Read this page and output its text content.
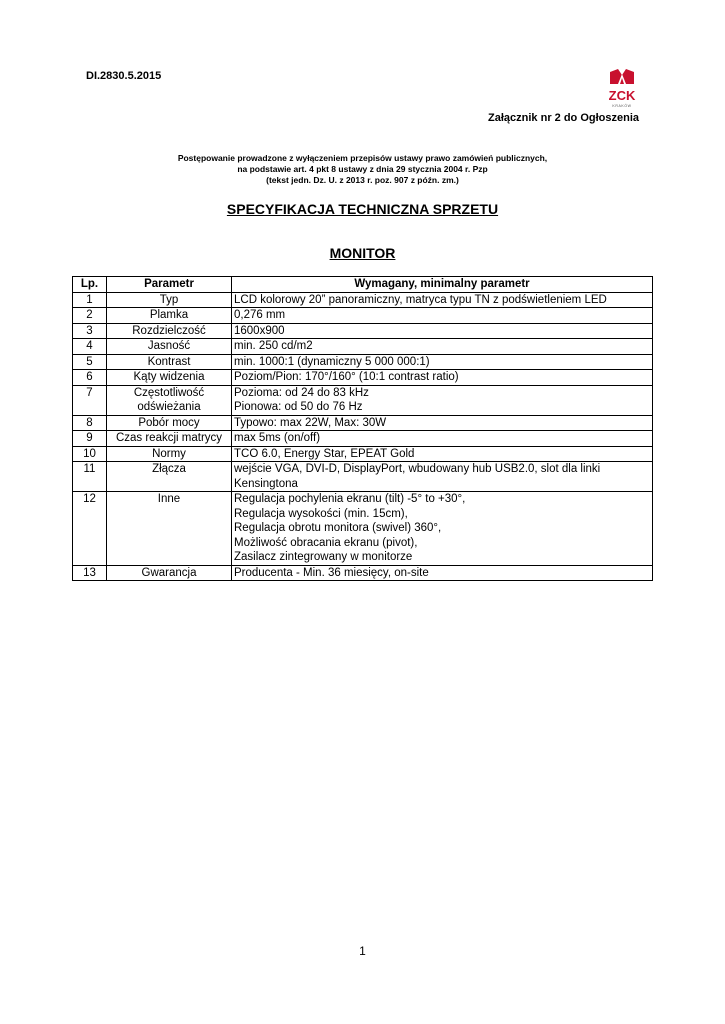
DI.2830.5.2015
ZCK
KRAKÓW
Załącznik nr 2 do Ogłoszenia
Postępowanie prowadzone z wyłączeniem przepisów ustawy prawo zamówień publicznych,
na podstawie art. 4 pkt 8 ustawy z dnia 29 stycznia 2004 r. Pzp
(tekst jedn. Dz. U. z 2013 r. poz. 907 z późn. zm.)
SPECYFIKACJA TECHNICZNA SPRZETU
MONITOR
Lp.	Parametr	Wymagany, minimalny parametr
1	Typ	LCD kolorowy 20” panoramiczny, matryca typu TN z podświetleniem LED

2	Plamka	0,276 mm

3	Rozdzielczość	1600x900

4	Jasność	min. 250 cd/m2

5	Kontrast	min. 1000:1 (dynamiczny 5 000 000:1)

6	Kąty widzenia	Poziom/Pion: 170°/160° (10:1 contrast ratio)

7	Częstotliwość odświeżania	Pozioma: od 24 do 83 kHz
Pionowa: od 50 do 76 Hz

8	Pobór mocy	Typowo: max 22W, Max: 30W

9	Czas reakcji matrycy	max 5ms (on/off)

10	Normy	TCO 6.0, Energy Star, EPEAT Gold

11	Złącza	wejście VGA, DVI-D, DisplayPort, wbudowany hub USB2.0, slot dla linki
Kensingtona

12	Inne	Regulacja pochylenia ekranu (tilt) -5° to +30°,
Regulacja wysokości (min. 15cm),
Regulacja obrotu monitora (swivel) 360°,
Możliwość obracania ekranu (pivot),
Zasilacz zintegrowany w monitorze

13	Gwarancja	Producenta - Min. 36 miesięcy, on-site
1
